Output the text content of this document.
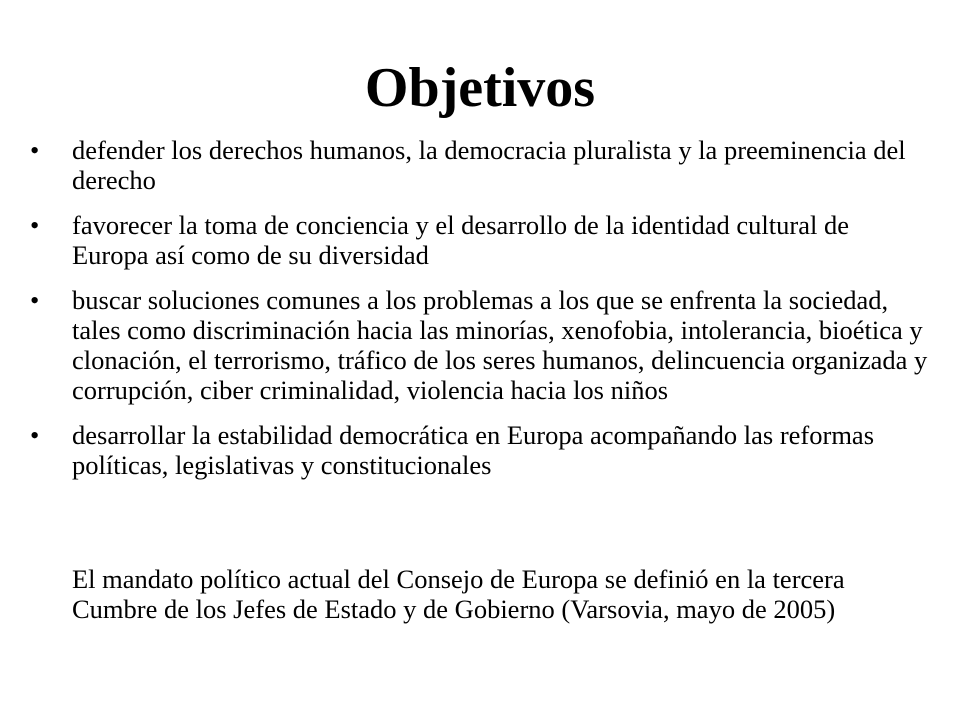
Objetivos
•	defender los derechos humanos, la democracia pluralista y la preeminencia del derecho
•	favorecer la toma de conciencia y el desarrollo de la identidad cultural de Europa así como de su diversidad
•	buscar soluciones comunes a los problemas a los que se enfrenta la sociedad, tales como discriminación hacia las minorías, xenofobia, intolerancia, bioética y clonación, el terrorismo, tráfico de los seres humanos, delincuencia organizada y corrupción, ciber criminalidad, violencia hacia los niños
•	desarrollar la estabilidad democrática en Europa acompañando las reformas políticas, legislativas y constitucionales

El mandato político actual del Consejo de Europa se definió en la tercera Cumbre de los Jefes de Estado y de Gobierno (Varsovia, mayo de 2005)
